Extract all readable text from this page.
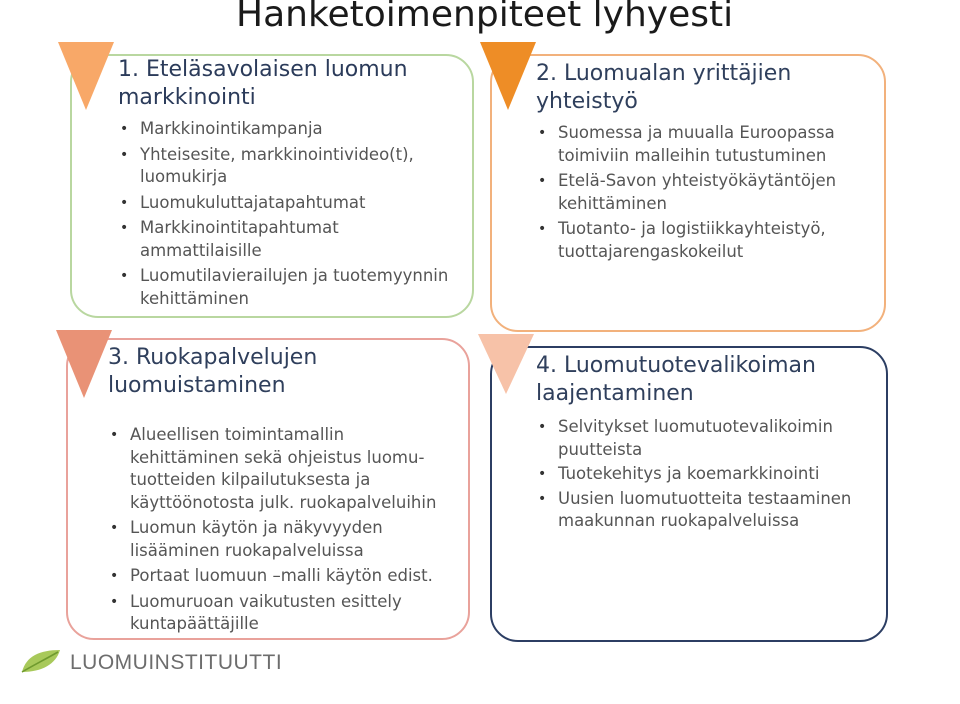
Hanketoimenpiteet lyhyesti
1. Eteläsavolaisen luomun markkinointi
• Markkinointikampanja
• Yhteisesite, markkinointivideo(t), luomukirja
• Luomukuluttajatapahtumat
• Markkinointitapahtumat ammattilaisille
• Luomutilavierailujen ja tuotemyynnin kehittäminen
2. Luomualan yrittäjien yhteistyö
• Suomessa ja muualla Euroopassa toimiviin malleihin tutustuminen
• Etelä-Savon yhteistyökäytäntöjen kehittäminen
• Tuotanto- ja logistiikkayhteistyö, tuottajarengaskokeilut
3. Ruokapalvelujen luomuistaminen
• Alueellisen toimintamallin kehittäminen sekä ohjeistus luomu-tuotteiden kilpailutuksesta ja käyttöönotosta julk. ruokapalveluihin
• Luomun käytön ja näkyvyyden lisääminen ruokapalveluissa
• Portaat luomuun –malli käytön edist.
• Luomuruoan vaikutusten esittely kuntapäättäjille
4. Luomutuotevalikoiman laajentaminen
• Selvitykset luomutuotevalikoimin puutteista
• Tuotekehitys ja koemarkkinointi
• Uusien luomutuotteita testaaminen maakunnan ruokapalveluissa
LUOMUINSTITUUTTI
